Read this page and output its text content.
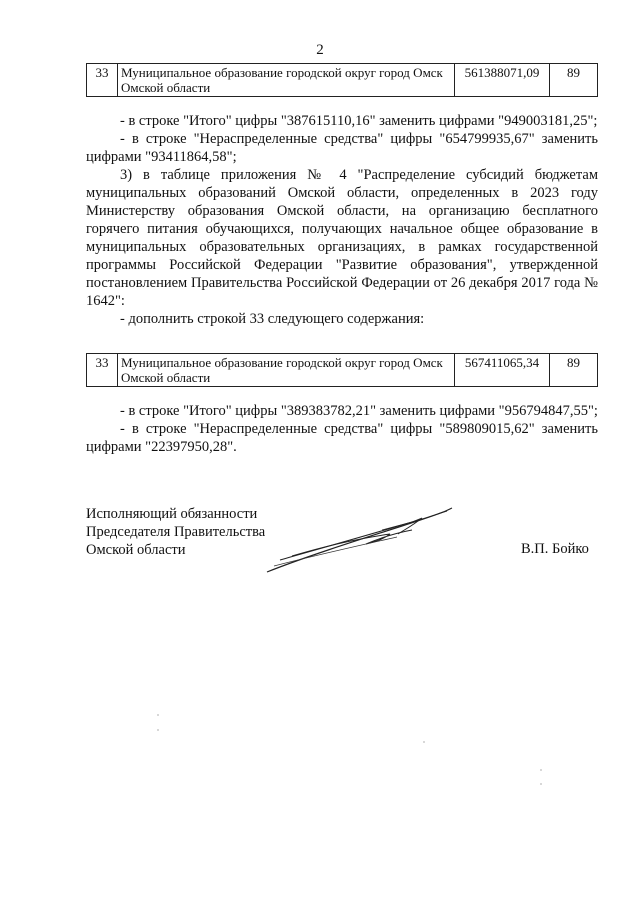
2
33	Муниципальное образование городской округ город Омск Омской области	561388071,09	89

- в строке "Итого" цифры "387615110,16" заменить цифрами "949003181,25";

- в строке "Нераспределенные средства" цифры "654799935,67" заменить цифрами "93411864,58";

3) в таблице приложения № 4 "Распределение субсидий бюджетам муниципальных образований Омской области, определенных в 2023 году Министерству образования Омской области, на организацию бесплатного горячего питания обучающихся, получающих начальное общее образование в муниципальных образовательных организациях, в рамках государственной программы Российской Федерации "Развитие образования", утвержденной постановлением Правительства Российской Федерации от 26 декабря 2017 года № 1642":

- дополнить строкой 33 следующего содержания:

33	Муниципальное образование городской округ город Омск Омской области	567411065,34	89

- в строке "Итого" цифры "389383782,21" заменить цифрами "956794847,55";

- в строке "Нераспределенные средства" цифры "589809015,62" заменить цифрами "22397950,28".

Исполняющий обязанности
Председателя Правительства
Омской области	В.П. Бойко
